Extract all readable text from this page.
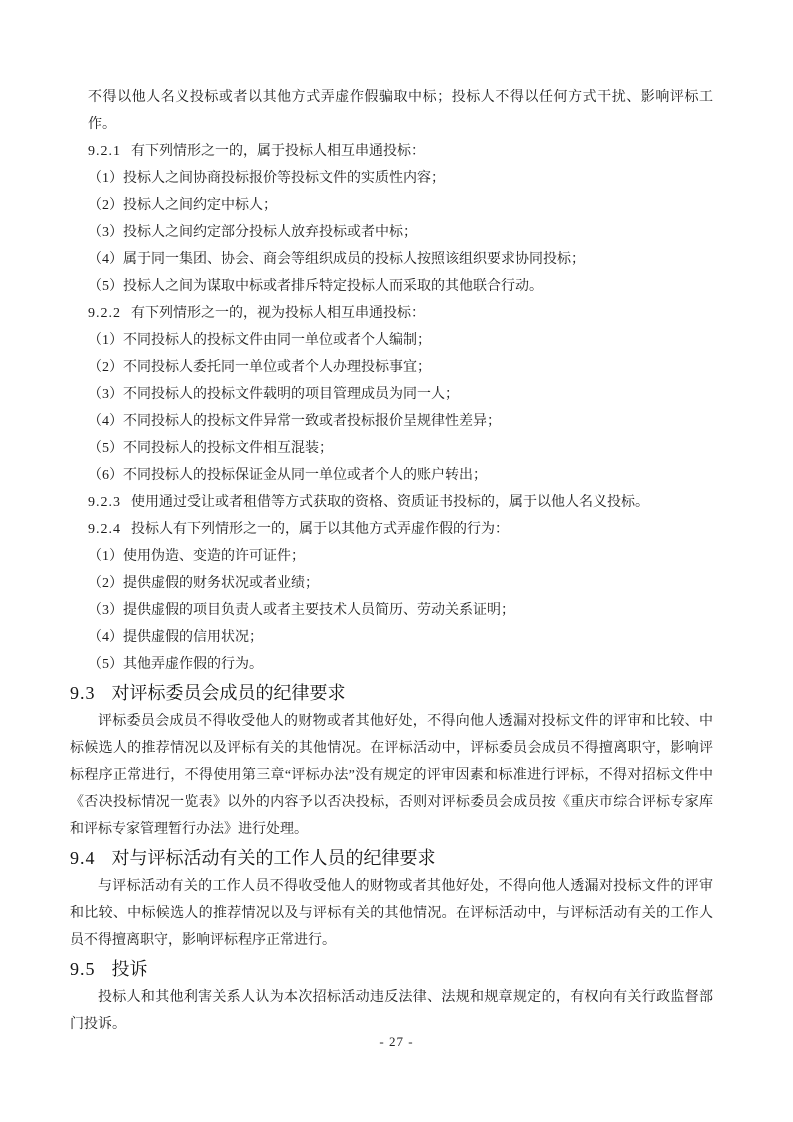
不得以他人名义投标或者以其他方式弄虚作假骗取中标；投标人不得以任何方式干扰、影响评标工作。

9.2.1 有下列情形之一的，属于投标人相互串通投标：

（1）投标人之间协商投标报价等投标文件的实质性内容；

（2）投标人之间约定中标人；

（3）投标人之间约定部分投标人放弃投标或者中标；

（4）属于同一集团、协会、商会等组织成员的投标人按照该组织要求协同投标；

（5）投标人之间为谋取中标或者排斥特定投标人而采取的其他联合行动。

9.2.2 有下列情形之一的，视为投标人相互串通投标：

（1）不同投标人的投标文件由同一单位或者个人编制；

（2）不同投标人委托同一单位或者个人办理投标事宜；

（3）不同投标人的投标文件载明的项目管理成员为同一人；

（4）不同投标人的投标文件异常一致或者投标报价呈规律性差异；

（5）不同投标人的投标文件相互混装；

（6）不同投标人的投标保证金从同一单位或者个人的账户转出；

9.2.3 使用通过受让或者租借等方式获取的资格、资质证书投标的，属于以他人名义投标。

9.2.4 投标人有下列情形之一的，属于以其他方式弄虚作假的行为：

（1）使用伪造、变造的许可证件；

（2）提供虚假的财务状况或者业绩；

（3）提供虚假的项目负责人或者主要技术人员简历、劳动关系证明；

（4）提供虚假的信用状况；

（5）其他弄虚作假的行为。

9.3 对评标委员会成员的纪律要求

评标委员会成员不得收受他人的财物或者其他好处，不得向他人透漏对投标文件的评审和比较、中标候选人的推荐情况以及评标有关的其他情况。在评标活动中，评标委员会成员不得擅离职守，影响评标程序正常进行，不得使用第三章“评标办法”没有规定的评审因素和标准进行评标，不得对招标文件中《否决投标情况一览表》以外的内容予以否决投标，否则对评标委员会成员按《重庆市综合评标专家库和评标专家管理暂行办法》进行处理。

9.4 对与评标活动有关的工作人员的纪律要求

与评标活动有关的工作人员不得收受他人的财物或者其他好处，不得向他人透漏对投标文件的评审和比较、中标候选人的推荐情况以及与评标有关的其他情况。在评标活动中，与评标活动有关的工作人员不得擅离职守，影响评标程序正常进行。

9.5 投诉

投标人和其他利害关系人认为本次招标活动违反法律、法规和规章规定的，有权向有关行政监督部门投诉。

- 27 -
